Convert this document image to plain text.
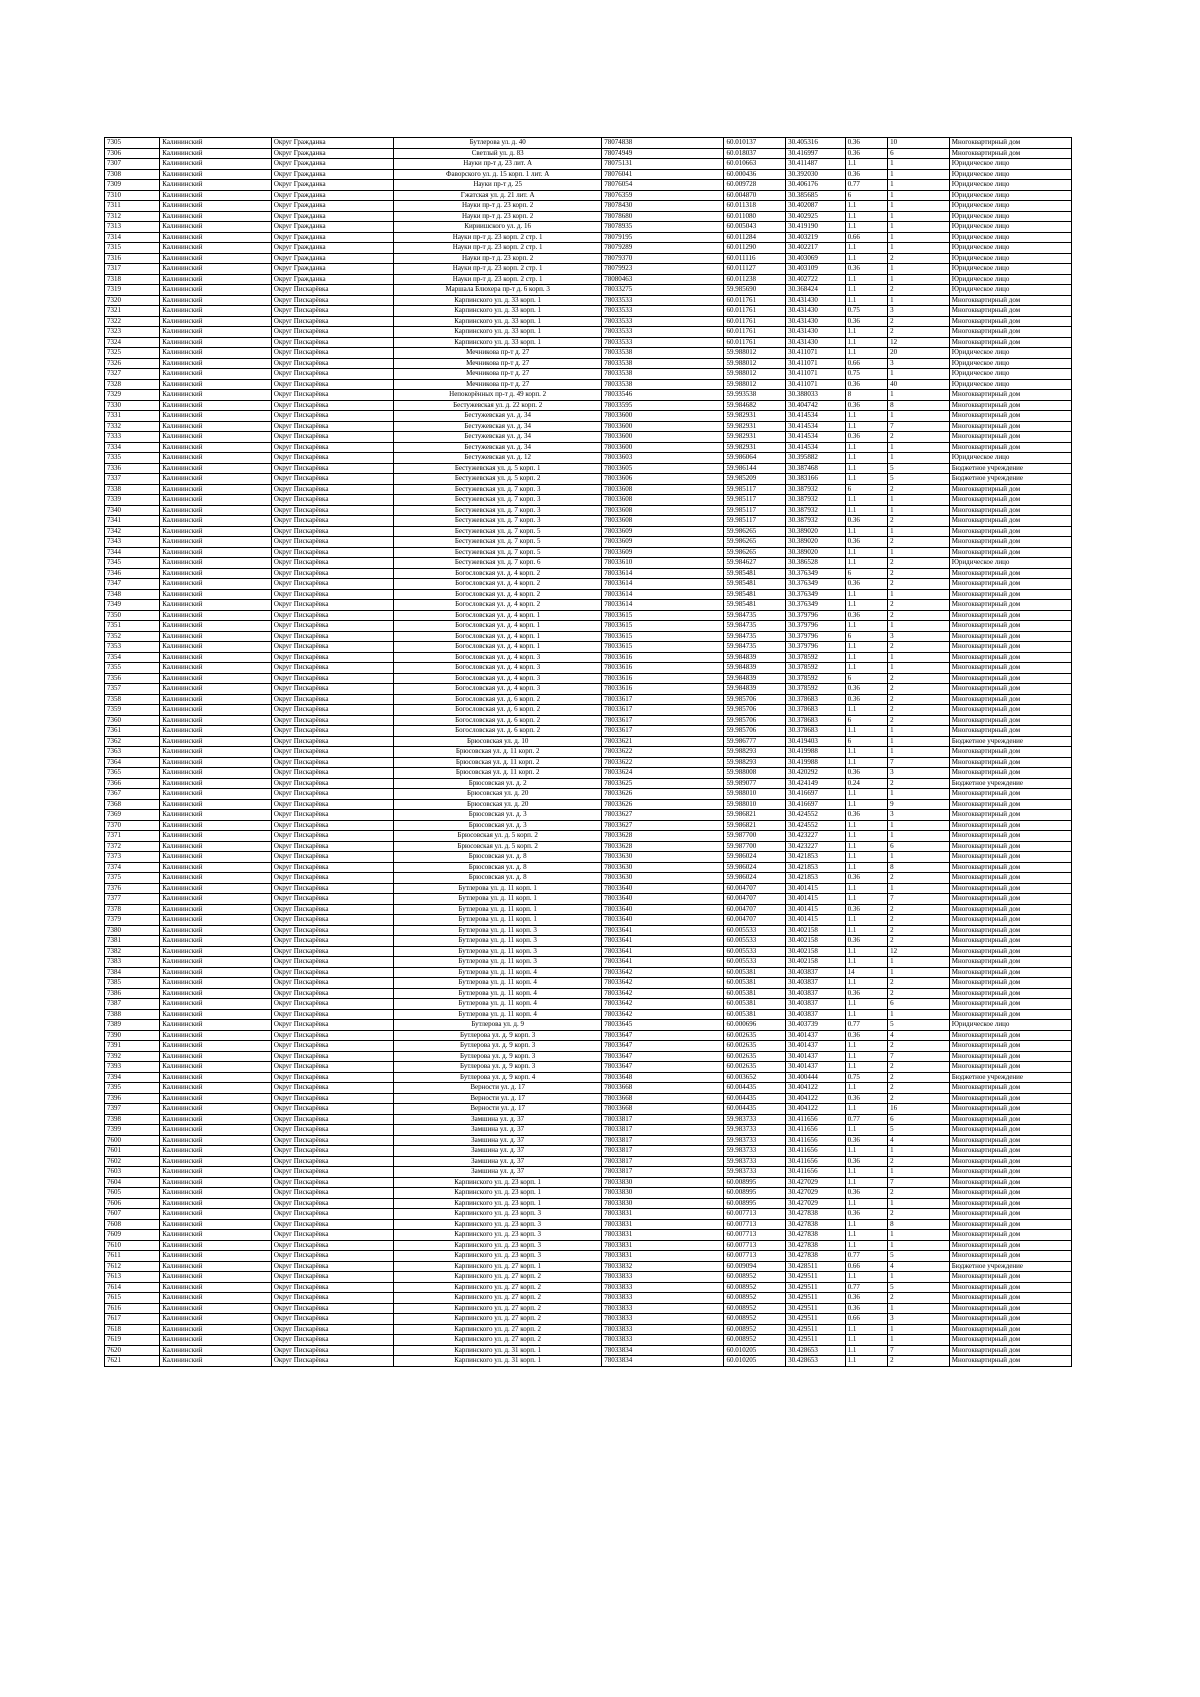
7305	Калининский	Округ Гражданка	Бутлерова ул. д. 40	78074838	60.010137	30.405316	0.36	10	Многоквартирный дом
7306	Калининский	Округ Гражданка	Светлый ул. д. 83	78074949	60.018037	30.416997	0.36	6	Многоквартирный дом
7307	Калининский	Округ Гражданка	Науки пр-т д. 23 лит. А	78075131	60.010663	30.411487	1.1	1	Юридическое лицо
7308	Калининский	Округ Гражданка	Фаворского ул. д. 15 корп. 1 лит. А	78076041	60.000436	30.392030	0.36	1	Юридическое лицо
7309	Калининский	Округ Гражданка	Науки пр-т д. 25	78076054	60.009728	30.406176	0.77	1	Юридическое лицо
7310	Калининский	Округ Гражданка	Гжатская ул. д. 21 лит. А	78076359	60.004870	30.385685	6	1	Юридическое лицо
7311	Калининский	Округ Гражданка	Науки пр-т д. 23 корп. 2	78078430	60.011318	30.402087	1.1	1	Юридическое лицо
7312	Калининский	Округ Гражданка	Науки пр-т д. 23 корп. 2	78078680	60.011080	30.402925	1.1	1	Юридическое лицо
7313	Калининский	Округ Гражданка	Кириишского ул. д. 16	78078935	60.005043	30.419190	1.1	1	Юридическое лицо
7314	Калининский	Округ Гражданка	Науки пр-т д. 23 корп. 2 стр. 1	78079195	60.011284	30.403219	0.66	1	Юридическое лицо
7315	Калининский	Округ Гражданка	Науки пр-т д. 23 корп. 2 стр. 1	78079289	60.011290	30.402217	1.1	1	Юридическое лицо
7316	Калининский	Округ Гражданка	Науки пр-т д. 23 корп. 2	78079370	60.011116	30.403069	1.1	2	Юридическое лицо
7317	Калининский	Округ Гражданка	Науки пр-т д. 23 корп. 2 стр. 1	78079923	60.011127	30.403109	0.36	1	Юридическое лицо
7318	Калининский	Округ Гражданка	Науки пр-т д. 23 корп. 2 стр. 1	78080463	60.011238	30.402722	1.1	1	Юридическое лицо
7319	Калининский	Округ Пискарёвка	Маршала Блюхера пр-т д. 6 корп. 3	78033275	59.985690	30.368424	1.1	2	Юридическое лицо
7320	Калининский	Округ Пискарёвка	Карпинского ул. д. 33 корп. 1	78033533	60.011761	30.431430	1.1	1	Многоквартирный дом
7321	Калининский	Округ Пискарёвка	Карпинского ул. д. 33 корп. 1	78033533	60.011761	30.431430	0.75	3	Многоквартирный дом
7322	Калининский	Округ Пискарёвка	Карпинского ул. д. 33 корп. 1	78033533	60.011761	30.431430	0.36	2	Многоквартирный дом
7323	Калининский	Округ Пискарёвка	Карпинского ул. д. 33 корп. 1	78033533	60.011761	30.431430	1.1	2	Многоквартирный дом
7324	Калининский	Округ Пискарёвка	Карпинского ул. д. 33 корп. 1	78033533	60.011761	30.431430	1.1	12	Многоквартирный дом
7325	Калининский	Округ Пискарёвка	Мечникова пр-т д. 27	78033538	59.988012	30.411071	1.1	20	Юридическое лицо
7326	Калининский	Округ Пискарёвка	Мечникова пр-т д. 27	78033538	59.988012	30.411071	0.66	3	Юридическое лицо
7327	Калининский	Округ Пискарёвка	Мечникова пр-т д. 27	78033538	59.988012	30.411071	0.75	1	Юридическое лицо
7328	Калининский	Округ Пискарёвка	Мечникова пр-т д. 27	78033538	59.988012	30.411071	0.36	40	Юридическое лицо
7329	Калининский	Округ Пискарёвка	Непокорённых пр-т д. 49 корп. 2	78033546	59.993538	30.388033	8	1	Многоквартирный дом
7330	Калининский	Округ Пискарёвка	Бестужевская ул. д. 22 корп. 2	78033595	59.984682	30.404742	0.36	8	Многоквартирный дом
7331	Калининский	Округ Пискарёвка	Бестужевская ул. д. 34	78033600	59.982931	30.414534	1.1	1	Многоквартирный дом
7332	Калининский	Округ Пискарёвка	Бестужевская ул. д. 34	78033600	59.982931	30.414534	1.1	7	Многоквартирный дом
7333	Калининский	Округ Пискарёвка	Бестужевская ул. д. 34	78033600	59.982931	30.414534	0.36	2	Многоквартирный дом
7334	Калининский	Округ Пискарёвка	Бестужевская ул. д. 34	78033600	59.982931	30.414534	1.1	1	Многоквартирный дом
7335	Калининский	Округ Пискарёвка	Бестужевская ул. д. 12	78033603	59.986064	30.395882	1.1	1	Юридическое лицо
7336	Калининский	Округ Пискарёвка	Бестужевская ул. д. 5 корп. 1	78033605	59.986144	30.387468	1.1	5	Бюджетное учреждение
7337	Калининский	Округ Пискарёвка	Бестужевская ул. д. 5 корп. 2	78033606	59.985209	30.383166	1.1	5	Бюджетное учреждение
7338	Калининский	Округ Пискарёвка	Бестужевская ул. д. 7 корп. 3	78033608	59.985117	30.387932	6	2	Многоквартирный дом
7339	Калининский	Округ Пискарёвка	Бестужевская ул. д. 7 корп. 3	78033608	59.985117	30.387932	1.1	1	Многоквартирный дом
7340	Калининский	Округ Пискарёвка	Бестужевская ул. д. 7 корп. 3	78033608	59.985117	30.387932	1.1	1	Многоквартирный дом
7341	Калининский	Округ Пискарёвка	Бестужевская ул. д. 7 корп. 3	78033608	59.985117	30.387932	0.36	2	Многоквартирный дом
7342	Калининский	Округ Пискарёвка	Бестужевская ул. д. 7 корп. 5	78033609	59.986265	30.389020	1.1	1	Многоквартирный дом
7343	Калининский	Округ Пискарёвка	Бестужевская ул. д. 7 корп. 5	78033609	59.986265	30.389020	0.36	2	Многоквартирный дом
7344	Калининский	Округ Пискарёвка	Бестужевская ул. д. 7 корп. 5	78033609	59.986265	30.389020	1.1	1	Многоквартирный дом
7345	Калининский	Округ Пискарёвка	Бестужевская ул. д. 7 корп. 6	78033610	59.984627	30.386528	1.1	2	Юридическое лицо
7346	Калининский	Округ Пискарёвка	Богословская ул. д. 4 корп. 2	78033614	59.985481	30.376349	6	2	Многоквартирный дом
7347	Калининский	Округ Пискарёвка	Богословская ул. д. 4 корп. 2	78033614	59.985481	30.376349	0.36	2	Многоквартирный дом
7348	Калининский	Округ Пискарёвка	Богословская ул. д. 4 корп. 2	78033614	59.985481	30.376349	1.1	1	Многоквартирный дом
7349	Калининский	Округ Пискарёвка	Богословская ул. д. 4 корп. 2	78033614	59.985481	30.376349	1.1	2	Многоквартирный дом
7350	Калининский	Округ Пискарёвка	Богословская ул. д. 4 корп. 1	78033615	59.984735	30.379796	0.36	2	Многоквартирный дом
7351	Калининский	Округ Пискарёвка	Богословская ул. д. 4 корп. 1	78033615	59.984735	30.379796	1.1	1	Многоквартирный дом
7352	Калининский	Округ Пискарёвка	Богословская ул. д. 4 корп. 1	78033615	59.984735	30.379796	6	3	Многоквартирный дом
7353	Калининский	Округ Пискарёвка	Богословская ул. д. 4 корп. 1	78033615	59.984735	30.379796	1.1	2	Многоквартирный дом
7354	Калининский	Округ Пискарёвка	Богословская ул. д. 4 корп. 3	78033616	59.984839	30.378592	1.1	1	Многоквартирный дом
7355	Калининский	Округ Пискарёвка	Богословская ул. д. 4 корп. 3	78033616	59.984839	30.378592	1.1	1	Многоквартирный дом
7356	Калининский	Округ Пискарёвка	Богословская ул. д. 4 корп. 3	78033616	59.984839	30.378592	6	2	Многоквартирный дом
7357	Калининский	Округ Пискарёвка	Богословская ул. д. 4 корп. 3	78033616	59.984839	30.378592	0.36	2	Многоквартирный дом
7358	Калининский	Округ Пискарёвка	Богословская ул. д. 6 корп. 2	78033617	59.985706	30.378683	0.36	2	Многоквартирный дом
7359	Калининский	Округ Пискарёвка	Богословская ул. д. 6 корп. 2	78033617	59.985706	30.378683	1.1	2	Многоквартирный дом
7360	Калининский	Округ Пискарёвка	Богословская ул. д. 6 корп. 2	78033617	59.985706	30.378683	6	2	Многоквартирный дом
7361	Калининский	Округ Пискарёвка	Богословская ул. д. 6 корп. 2	78033617	59.985706	30.378683	1.1	1	Многоквартирный дом
7362	Калининский	Округ Пискарёвка	Брюсовская ул. д. 10	78033621	59.986777	30.419403	6	1	Бюджетное учреждение
7363	Калининский	Округ Пискарёвка	Брюсовская ул. д. 11 корп. 2	78033622	59.988293	30.419988	1.1	1	Многоквартирный дом
7364	Калининский	Округ Пискарёвка	Брюсовская ул. д. 11 корп. 2	78033622	59.988293	30.419988	1.1	7	Многоквартирный дом
7365	Калининский	Округ Пискарёвка	Брюсовская ул. д. 11 корп. 2	78033624	59.988008	30.420292	0.36	3	Многоквартирный дом
7366	Калининский	Округ Пискарёвка	Брюсовская ул. д. 2	78033625	59.989077	30.424149	0.24	2	Бюджетное учреждение
7367	Калининский	Округ Пискарёвка	Брюсовская ул. д. 20	78033626	59.988010	30.416697	1.1	1	Многоквартирный дом
7368	Калининский	Округ Пискарёвка	Брюсовская ул. д. 20	78033626	59.988010	30.416697	1.1	9	Многоквартирный дом
7369	Калининский	Округ Пискарёвка	Брюсовская ул. д. 3	78033627	59.986821	30.424552	0.36	3	Многоквартирный дом
7370	Калининский	Округ Пискарёвка	Брюсовская ул. д. 3	78033627	59.986821	30.424552	1.1	1	Многоквартирный дом
7371	Калининский	Округ Пискарёвка	Брюсовская ул. д. 5 корп. 2	78033628	59.987700	30.423227	1.1	1	Многоквартирный дом
7372	Калининский	Округ Пискарёвка	Брюсовская ул. д. 5 корп. 2	78033628	59.987700	30.423227	1.1	6	Многоквартирный дом
7373	Калининский	Округ Пискарёвка	Брюсовская ул. д. 8	78033630	59.986024	30.421853	1.1	1	Многоквартирный дом
7374	Калининский	Округ Пискарёвка	Брюсовская ул. д. 8	78033630	59.986024	30.421853	1.1	8	Многоквартирный дом
7375	Калининский	Округ Пискарёвка	Брюсовская ул. д. 8	78033630	59.986024	30.421853	0.36	2	Многоквартирный дом
7376	Калининский	Округ Пискарёвка	Бутлерова ул. д. 11 корп. 1	78033640	60.004707	30.401415	1.1	1	Многоквартирный дом
7377	Калининский	Округ Пискарёвка	Бутлерова ул. д. 11 корп. 1	78033640	60.004707	30.401415	1.1	7	Многоквартирный дом
7378	Калининский	Округ Пискарёвка	Бутлерова ул. д. 11 корп. 1	78033640	60.004707	30.401415	0.36	2	Многоквартирный дом
7379	Калининский	Округ Пискарёвка	Бутлерова ул. д. 11 корп. 1	78033640	60.004707	30.401415	1.1	2	Многоквартирный дом
7380	Калининский	Округ Пискарёвка	Бутлерова ул. д. 11 корп. 3	78033641	60.005533	30.402158	1.1	2	Многоквартирный дом
7381	Калининский	Округ Пискарёвка	Бутлерова ул. д. 11 корп. 3	78033641	60.005533	30.402158	0.36	2	Многоквартирный дом
7382	Калининский	Округ Пискарёвка	Бутлерова ул. д. 11 корп. 3	78033641	60.005533	30.402158	1.1	12	Многоквартирный дом
7383	Калининский	Округ Пискарёвка	Бутлерова ул. д. 11 корп. 3	78033641	60.005533	30.402158	1.1	1	Многоквартирный дом
7384	Калининский	Округ Пискарёвка	Бутлерова ул. д. 11 корп. 4	78033642	60.005381	30.403837	14	1	Многоквартирный дом
7385	Калининский	Округ Пискарёвка	Бутлерова ул. д. 11 корп. 4	78033642	60.005381	30.403837	1.1	2	Многоквартирный дом
7386	Калининский	Округ Пискарёвка	Бутлерова ул. д. 11 корп. 4	78033642	60.005381	30.403837	0.36	2	Многоквартирный дом
7387	Калининский	Округ Пискарёвка	Бутлерова ул. д. 11 корп. 4	78033642	60.005381	30.403837	1.1	6	Многоквартирный дом
7388	Калининский	Округ Пискарёвка	Бутлерова ул. д. 11 корп. 4	78033642	60.005381	30.403837	1.1	1	Многоквартирный дом
7389	Калининский	Округ Пискарёвка	Бутлерова ул. д. 9	78033645	60.000696	30.403739	0.77	5	Юридическое лицо
7390	Калининский	Округ Пискарёвка	Бутлерова ул. д. 9 корп. 3	78033647	60.002635	30.401437	0.36	4	Многоквартирный дом
7391	Калининский	Округ Пискарёвка	Бутлерова ул. д. 9 корп. 3	78033647	60.002635	30.401437	1.1	2	Многоквартирный дом
7392	Калининский	Округ Пискарёвка	Бутлерова ул. д. 9 корп. 3	78033647	60.002635	30.401437	1.1	7	Многоквартирный дом
7393	Калининский	Округ Пискарёвка	Бутлерова ул. д. 9 корп. 3	78033647	60.002635	30.401437	1.1	2	Многоквартирный дом
7394	Калининский	Округ Пискарёвка	Бутлерова ул. д. 9 корп. 4	78033648	60.003652	30.400444	0.75	2	Бюджетное учреждение
7395	Калининский	Округ Пискарёвка	Верности ул. д. 17	78033668	60.004435	30.404122	1.1	2	Многоквартирный дом
7396	Калининский	Округ Пискарёвка	Верности ул. д. 17	78033668	60.004435	30.404122	0.36	2	Многоквартирный дом
7397	Калининский	Округ Пискарёвка	Верности ул. д. 17	78033668	60.004435	30.404122	1.1	16	Многоквартирный дом
7398	Калининский	Округ Пискарёвка	Замшина ул. д. 37	78033817	59.983733	30.411656	0.77	6	Многоквартирный дом
7399	Калининский	Округ Пискарёвка	Замшина ул. д. 37	78033817	59.983733	30.411656	1.1	5	Многоквартирный дом
7600	Калининский	Округ Пискарёвка	Замшина ул. д. 37	78033817	59.983733	30.411656	0.36	4	Многоквартирный дом
7601	Калининский	Округ Пискарёвка	Замшина ул. д. 37	78033817	59.983733	30.411656	1.1	1	Многоквартирный дом
7602	Калининский	Округ Пискарёвка	Замшина ул. д. 37	78033817	59.983733	30.411656	0.36	2	Многоквартирный дом
7603	Калининский	Округ Пискарёвка	Замшина ул. д. 37	78033817	59.983733	30.411656	1.1	1	Многоквартирный дом
7604	Калининский	Округ Пискарёвка	Карпинского ул. д. 23 корп. 1	78033830	60.008995	30.427029	1.1	7	Многоквартирный дом
7605	Калининский	Округ Пискарёвка	Карпинского ул. д. 23 корп. 1	78033830	60.008995	30.427029	0.36	2	Многоквартирный дом
7606	Калининский	Округ Пискарёвка	Карпинского ул. д. 23 корп. 1	78033830	60.008995	30.427029	1.1	1	Многоквартирный дом
7607	Калининский	Округ Пискарёвка	Карпинского ул. д. 23 корп. 3	78033831	60.007713	30.427838	0.36	2	Многоквартирный дом
7608	Калининский	Округ Пискарёвка	Карпинского ул. д. 23 корп. 3	78033831	60.007713	30.427838	1.1	8	Многоквартирный дом
7609	Калининский	Округ Пискарёвка	Карпинского ул. д. 23 корп. 3	78033831	60.007713	30.427838	1.1	1	Многоквартирный дом
7610	Калининский	Округ Пискарёвка	Карпинского ул. д. 23 корп. 3	78033831	60.007713	30.427838	1.1	1	Многоквартирный дом
7611	Калининский	Округ Пискарёвка	Карпинского ул. д. 23 корп. 3	78033831	60.007713	30.427838	0.77	5	Многоквартирный дом
7612	Калининский	Округ Пискарёвка	Карпинского ул. д. 27 корп. 1	78033832	60.009094	30.428511	0.66	4	Бюджетное учреждение
7613	Калининский	Округ Пискарёвка	Карпинского ул. д. 27 корп. 2	78033833	60.008952	30.429511	1.1	1	Многоквартирный дом
7614	Калининский	Округ Пискарёвка	Карпинского ул. д. 27 корп. 2	78033833	60.008952	30.429511	0.77	5	Многоквартирный дом
7615	Калининский	Округ Пискарёвка	Карпинского ул. д. 27 корп. 2	78033833	60.008952	30.429511	0.36	2	Многоквартирный дом
7616	Калининский	Округ Пискарёвка	Карпинского ул. д. 27 корп. 2	78033833	60.008952	30.429511	0.36	1	Многоквартирный дом
7617	Калининский	Округ Пискарёвка	Карпинского ул. д. 27 корп. 2	78033833	60.008952	30.429511	0.66	3	Многоквартирный дом
7618	Калининский	Округ Пискарёвка	Карпинского ул. д. 27 корп. 2	78033833	60.008952	30.429511	1.1	1	Многоквартирный дом
7619	Калининский	Округ Пискарёвка	Карпинского ул. д. 27 корп. 2	78033833	60.008952	30.429511	1.1	1	Многоквартирный дом
7620	Калининский	Округ Пискарёвка	Карпинского ул. д. 31 корп. 1	78033834	60.010205	30.428653	1.1	7	Многоквартирный дом
7621	Калининский	Округ Пискарёвка	Карпинского ул. д. 31 корп. 1	78033834	60.010205	30.428653	1.1	2	Многоквартирный дом
